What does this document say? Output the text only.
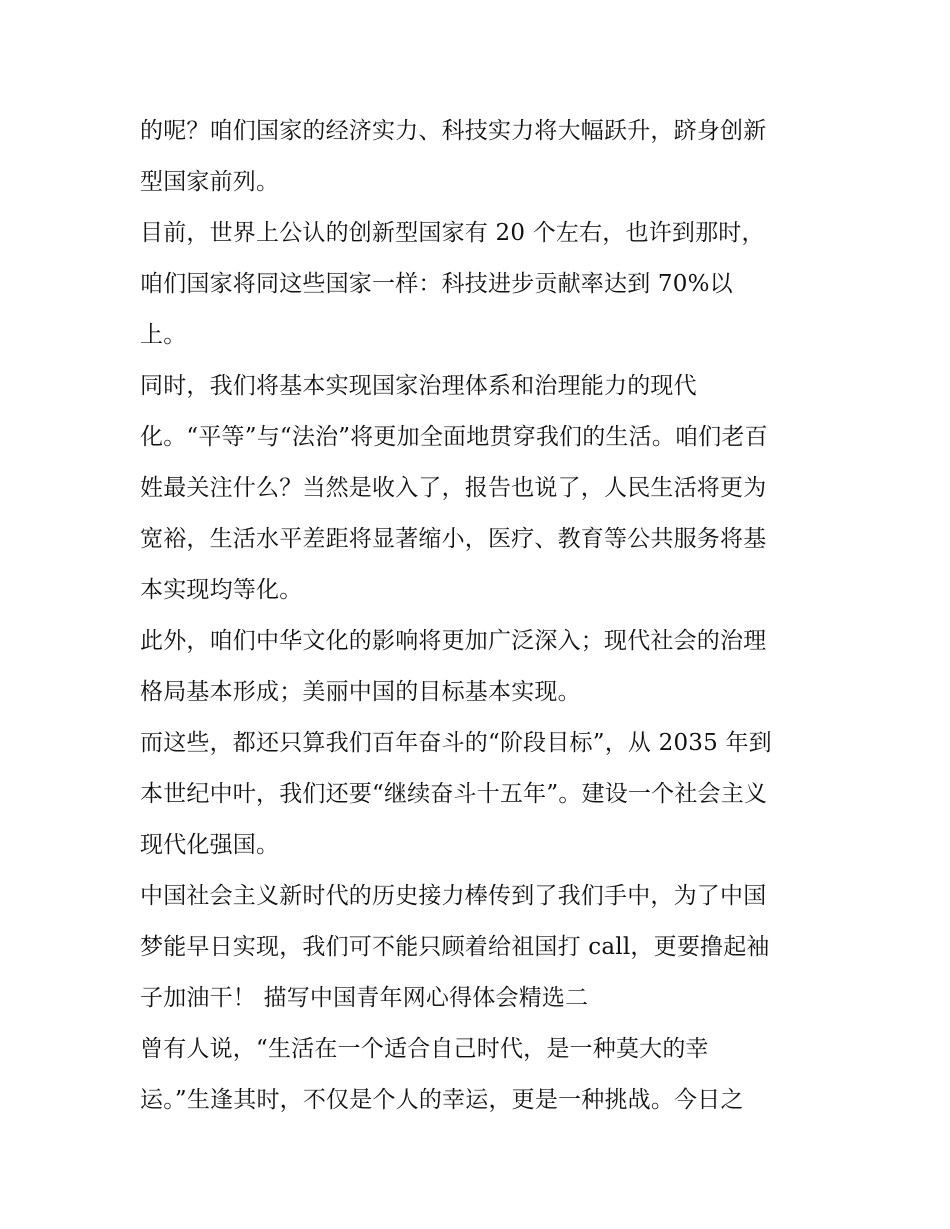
的呢？咱们国家的经济实力、科技实力将大幅跃升，跻身创新
型国家前列。
目前，世界上公认的创新型国家有 20 个左右，也许到那时，
咱们国家将同这些国家一样：科技进步贡献率达到 70%以
上。
同时，我们将基本实现国家治理体系和治理能力的现代
化。“平等”与“法治”将更加全面地贯穿我们的生活。咱们老百
姓最关注什么？当然是收入了，报告也说了，人民生活将更为
宽裕，生活水平差距将显著缩小，医疗、教育等公共服务将基
本实现均等化。
此外，咱们中华文化的影响将更加广泛深入；现代社会的治理
格局基本形成；美丽中国的目标基本实现。
而这些，都还只算我们百年奋斗的“阶段目标”，从 2035 年到
本世纪中叶，我们还要“继续奋斗十五年”。建设一个社会主义
现代化强国。
中国社会主义新时代的历史接力棒传到了我们手中，为了中国
梦能早日实现，我们可不能只顾着给祖国打 call，更要撸起袖
子加油干！ 描写中国青年网心得体会精选二
曾有人说，“生活在一个适合自己时代，是一种莫大的幸
运。”生逢其时，不仅是个人的幸运，更是一种挑战。今日之
